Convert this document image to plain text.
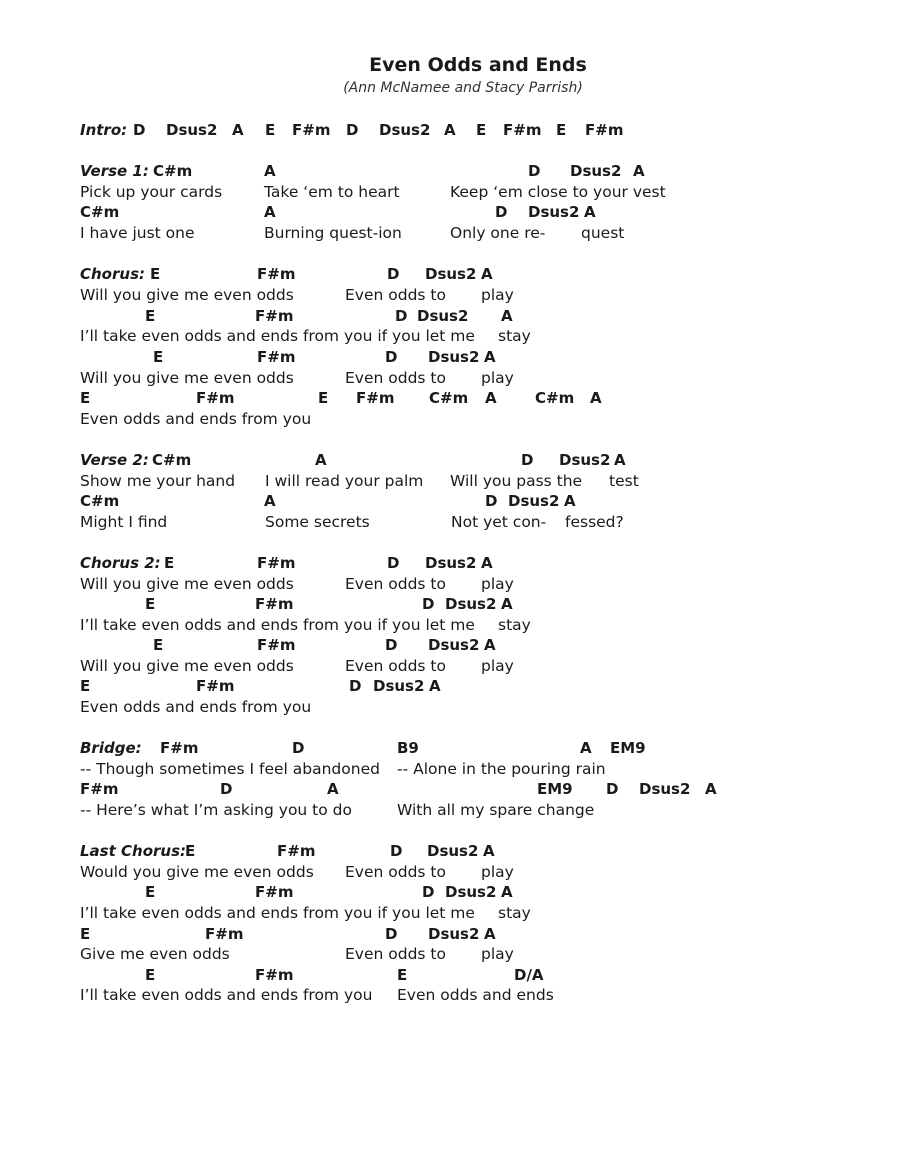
Even Odds and Ends
(Ann McNamee and Stacy Parrish)
Intro: D Dsus2 A E F#m D Dsus2 A E F#m E F#m
Verse 1: C#m	A	D Dsus2 A
Pick up your cards	Take ‘em to heart	Keep ‘em close to your vest
C#m	A	D Dsus2 A
I have just one	Burning quest-ion	Only one re- quest
Chorus: E	F#m	D Dsus2 A
Will you give me even odds	Even odds to play
E	F#m	D Dsus2 A
I’ll take even odds and ends from you if you let me stay
E	F#m	D Dsus2 A
Will you give me even odds	Even odds to play
E	F#m	E F#m C#m A	C#m A
Even odds and ends from you
Verse 2: C#m	A	D Dsus2 A
Show me your hand I will read your palm Will you pass the test
C#m	A	D Dsus2 A
Might I find	Some secrets	Not yet con- fessed?
Chorus 2: E	F#m	D Dsus2 A
Will you give me even odds	Even odds to play
E	F#m	D Dsus2 A
I’ll take even odds and ends from you if you let me stay
E	F#m	D Dsus2 A
Will you give me even odds	Even odds to play
E	F#m	D Dsus2 A
Even odds and ends from you
Bridge: F#m	D	B9	A EM9
-- Though sometimes I feel abandoned -- Alone in the pouring rain
F#m	D	A	EM9 D Dsus2 A
-- Here’s what I’m asking you to do	With all my spare change
Last Chorus: E	F#m	D Dsus2 A
Would you give me even odds Even odds to play
E	F#m	D Dsus2 A
I’ll take even odds and ends from you if you let me stay
E	F#m	D Dsus2 A
Give me even odds	Even odds to play
E	F#m	E	D/A
I’ll take even odds and ends from you Even odds and ends
